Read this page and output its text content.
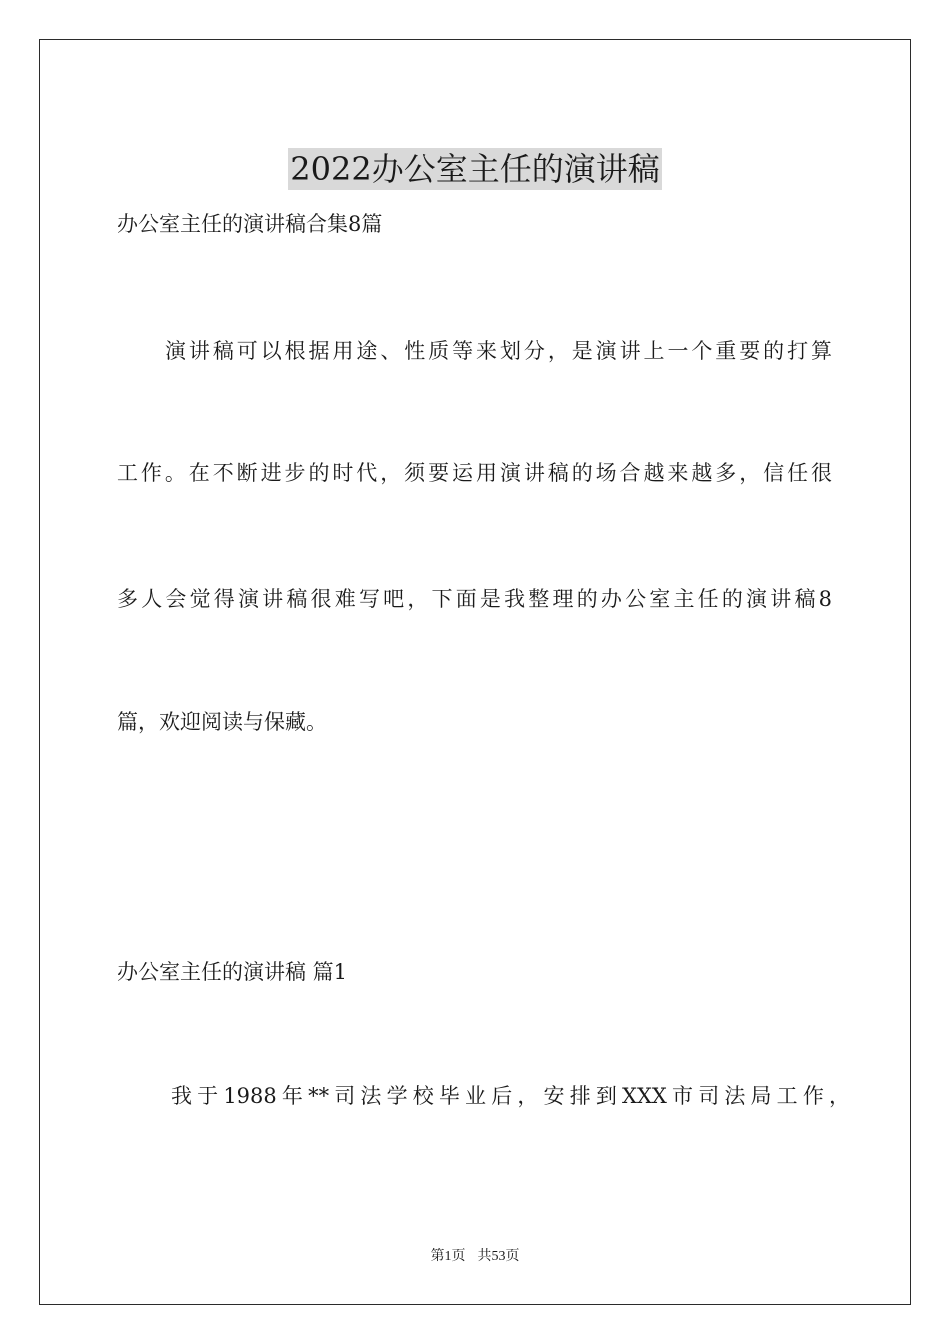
2022办公室主任的演讲稿
办公室主任的演讲稿合集8篇
演讲稿可以根据用途、性质等来划分，是演讲上一个重要的打算
工作。在不断进步的时代，须要运用演讲稿的场合越来越多，信任很
多人会觉得演讲稿很难写吧，下面是我整理的办公室主任的演讲稿8
篇，欢迎阅读与保藏。
办公室主任的演讲稿 篇1
我于1988年**司法学校毕业后，安排到XXX市司法局工作，
第1页 共53页
